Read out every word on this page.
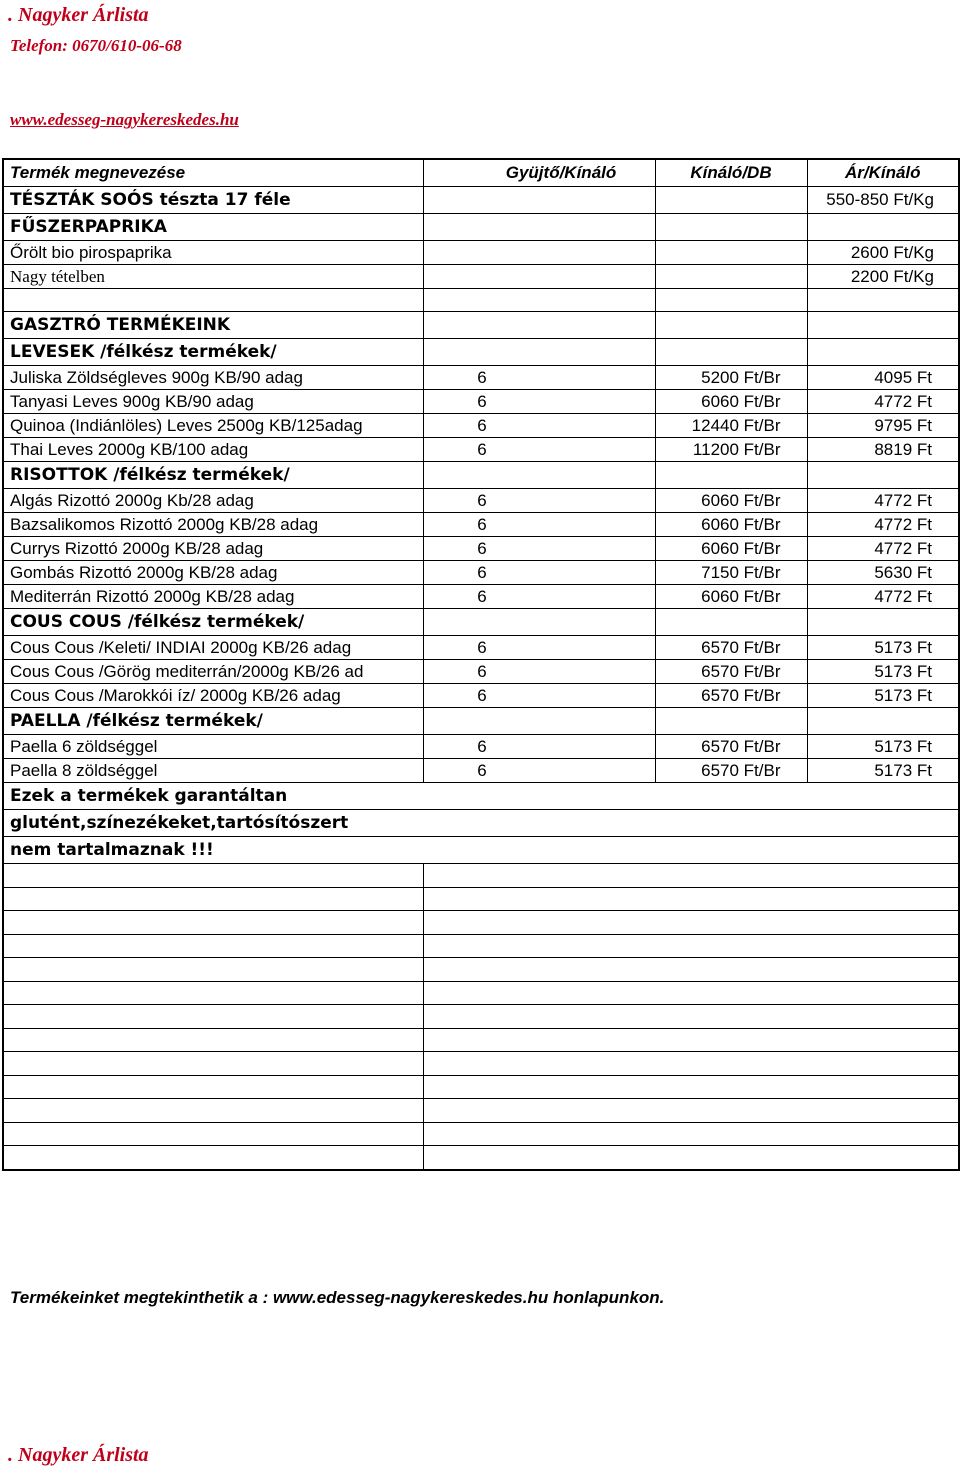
. Nagyker Árlista
Telefon: 0670/610-06-68
www.edesseg-nagykereskedes.hu
Termék megnevezése	Gyüjtő/Kínáló	Kínáló/DB	Ár/Kínáló
TÉSZTÁK SOÓS tészta 17 féle			550-850 Ft/Kg
FŰSZERPAPRIKA			
Őrölt bio pirospaprika			2600 Ft/Kg
Nagy tételben			2200 Ft/Kg

GASZTRÓ TERMÉKEINK			
LEVESEK /félkész termékek/			
Juliska Zöldségleves 900g KB/90 adag	6	5200 Ft/Br	4095 Ft
Tanyasi Leves 900g KB/90 adag	6	6060 Ft/Br	4772 Ft
Quinoa (Indiánlöles) Leves 2500g KB/125adag	6	12440 Ft/Br	9795 Ft
Thai Leves 2000g KB/100 adag	6	11200 Ft/Br	8819 Ft
RISOTTOK /félkész termékek/			
Algás Rizottó 2000g Kb/28 adag	6	6060 Ft/Br	4772 Ft
Bazsalikomos Rizottó 2000g KB/28 adag	6	6060 Ft/Br	4772 Ft
Currys Rizottó 2000g KB/28 adag	6	6060 Ft/Br	4772 Ft
Gombás Rizottó 2000g KB/28 adag	6	7150 Ft/Br	5630 Ft
Mediterrán Rizottó 2000g KB/28 adag	6	6060 Ft/Br	4772 Ft
COUS COUS /félkész termékek/			
Cous Cous /Keleti/ INDIAI 2000g KB/26 adag	6	6570 Ft/Br	5173 Ft
Cous Cous /Görög mediterrán/2000g KB/26 ad	6	6570 Ft/Br	5173 Ft
Cous Cous /Marokkói íz/ 2000g KB/26 adag	6	6570 Ft/Br	5173 Ft
PAELLA /félkész termékek/			
Paella 6 zöldséggel	6	6570 Ft/Br	5173 Ft
Paella 8 zöldséggel	6	6570 Ft/Br	5173 Ft
Ezek a termékek garantáltan			
glutént,színezékeket,tartósítószert			
nem tartalmaznak !!!			

Termékeinket megtekinthetik a : www.edesseg-nagykereskedes.hu honlapunkon.
. Nagyker Árlista
